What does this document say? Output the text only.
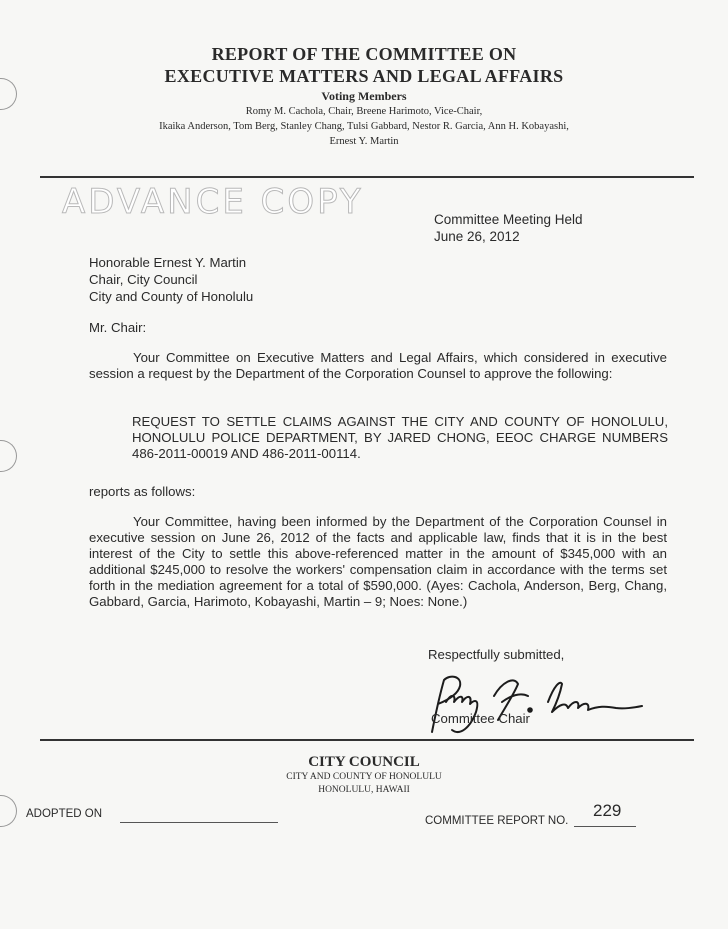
REPORT OF THE COMMITTEE ON
EXECUTIVE MATTERS AND LEGAL AFFAIRS
Voting Members
Romy M. Cachola, Chair, Breene Harimoto, Vice-Chair,
Ikaika Anderson, Tom Berg, Stanley Chang, Tulsi Gabbard, Nestor R. Garcia, Ann H. Kobayashi,
Ernest Y. Martin
ADVANCE COPY	Committee Meeting Held
June 26, 2012
Honorable Ernest Y. Martin
Chair, City Council
City and County of Honolulu
Mr. Chair:
Your Committee on Executive Matters and Legal Affairs, which considered in executive session a request by the Department of the Corporation Counsel to approve the following:
REQUEST TO SETTLE CLAIMS AGAINST THE CITY AND COUNTY OF HONOLULU, HONOLULU POLICE DEPARTMENT, BY JARED CHONG, EEOC CHARGE NUMBERS 486-2011-00019 AND 486-2011-00114.
reports as follows:
Your Committee, having been informed by the Department of the Corporation Counsel in executive session on June 26, 2012 of the facts and applicable law, finds that it is in the best interest of the City to settle this above-referenced matter in the amount of $345,000 with an additional $245,000 to resolve the workers' compensation claim in accordance with the terms set forth in the mediation agreement for a total of $590,000. (Ayes: Cachola, Anderson, Berg, Chang, Gabbard, Garcia, Harimoto, Kobayashi, Martin – 9; Noes: None.)
Respectfully submitted,
Committee Chair
CITY COUNCIL
CITY AND COUNTY OF HONOLULU
HONOLULU, HAWAII
ADOPTED ON
COMMITTEE REPORT NO.
229
